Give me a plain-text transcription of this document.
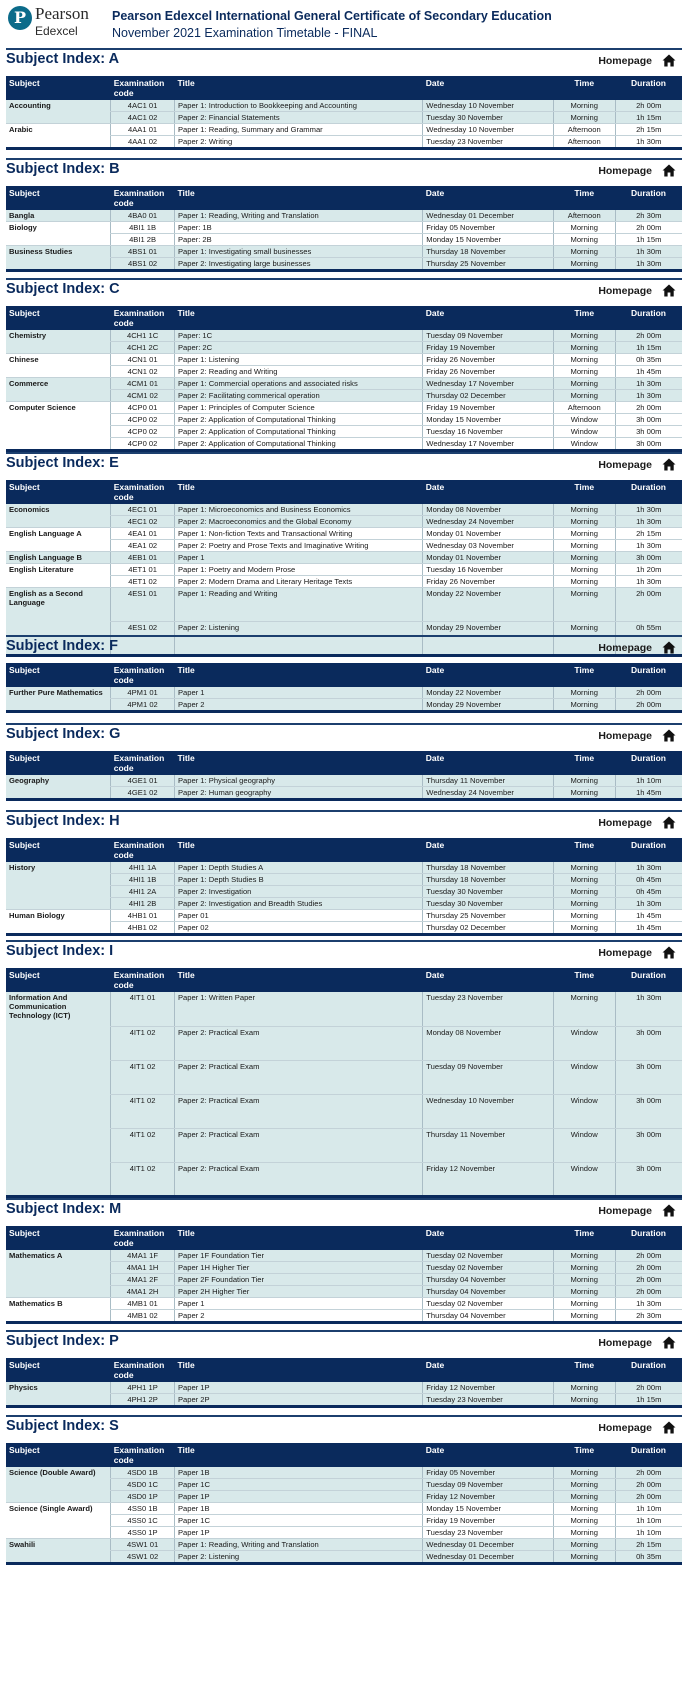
P Pearson
Edexcel
Pearson Edexcel International General Certificate of Secondary Education
November 2021 Examination Timetable - FINAL
Subject Index: A	Homepage
Subject	Examination code	Title	Date	Time	Duration
Accounting	4AC1 01	Paper 1: Introduction to Bookkeeping and Accounting	Wednesday 10 November	Morning	2h 00m
	4AC1 02	Paper 2: Financial Statements	Tuesday 30 November	Morning	1h 15m
Arabic	4AA1 01	Paper 1: Reading, Summary and Grammar	Wednesday 10 November	Afternoon	2h 15m
	4AA1 02	Paper 2: Writing	Tuesday 23 November	Afternoon	1h 30m
Subject Index: B	Homepage
Subject	Examination code	Title	Date	Time	Duration
Bangla	4BA0 01	Paper 1: Reading, Writing and Translation	Wednesday 01 December	Afternoon	2h 30m
Biology	4BI1 1B	Paper: 1B	Friday 05 November	Morning	2h 00m
	4BI1 2B	Paper: 2B	Monday 15 November	Morning	1h 15m
Business Studies	4BS1 01	Paper 1: Investigating small businesses	Thursday 18 November	Morning	1h 30m
	4BS1 02	Paper 2: Investigating large businesses	Thursday 25 November	Morning	1h 30m
Subject Index: C	Homepage
Subject	Examination code	Title	Date	Time	Duration
Chemistry	4CH1 1C	Paper: 1C	Tuesday 09 November	Morning	2h 00m
	4CH1 2C	Paper: 2C	Friday 19 November	Morning	1h 15m
Chinese	4CN1 01	Paper 1: Listening	Friday 26 November	Morning	0h 35m
	4CN1 02	Paper 2: Reading and Writing	Friday 26 November	Morning	1h 45m
Commerce	4CM1 01	Paper 1: Commercial operations and associated risks	Wednesday 17 November	Morning	1h 30m
	4CM1 02	Paper 2: Facilitating commerical operation	Thursday 02 December	Morning	1h 30m
Computer Science	4CP0 01	Paper 1: Principles of Computer Science	Friday 19 November	Afternoon	2h 00m
	4CP0 02	Paper 2: Application of Computational Thinking	Monday 15 November	Window	3h 00m
	4CP0 02	Paper 2: Application of Computational Thinking	Tuesday 16 November	Window	3h 00m
	4CP0 02	Paper 2: Application of Computational Thinking	Wednesday 17 November	Window	3h 00m
Subject Index: E	Homepage
Subject	Examination code	Title	Date	Time	Duration
Economics	4EC1 01	Paper 1: Microeconomics and Business Economics	Monday 08 November	Morning	1h 30m
	4EC1 02	Paper 2: Macroeconomics and the Global Economy	Wednesday 24 November	Morning	1h 30m
English Language A	4EA1 01	Paper 1: Non-fiction Texts and Transactional Writing	Monday 01 November	Morning	2h 15m
	4EA1 02	Paper 2: Poetry and Prose Texts and Imaginative Writing	Wednesday 03 November	Morning	1h 30m
English Language B	4EB1 01	Paper 1	Monday 01 November	Morning	3h 00m
English Literature	4ET1 01	Paper 1: Poetry and Modern Prose	Tuesday 16 November	Morning	1h 20m
	4ET1 02	Paper 2: Modern Drama and Literary Heritage Texts	Friday 26 November	Morning	1h 30m
English as a Second Language	4ES1 01	Paper 1: Reading and Writing	Monday 22 November	Morning	2h 00m
	4ES1 02	Paper 2: Listening	Monday 29 November	Morning	0h 55m
Subject Index: F	Homepage
Subject	Examination code	Title	Date	Time	Duration
Further Pure Mathematics	4PM1 01	Paper 1	Monday 22 November	Morning	2h 00m
	4PM1 02	Paper 2	Monday 29 November	Morning	2h 00m
Subject Index: G	Homepage
Subject	Examination code	Title	Date	Time	Duration
Geography	4GE1 01	Paper 1: Physical geography	Thursday 11 November	Morning	1h 10m
	4GE1 02	Paper 2: Human geography	Wednesday 24 November	Morning	1h 45m
Subject Index: H	Homepage
Subject	Examination code	Title	Date	Time	Duration
History	4HI1 1A	Paper 1: Depth Studies A	Thursday 18 November	Morning	1h 30m
	4HI1 1B	Paper 1: Depth Studies B	Thursday 18 November	Morning	0h 45m
	4HI1 2A	Paper 2: Investigation	Tuesday 30 November	Morning	0h 45m
	4HI1 2B	Paper 2: Investigation and Breadth Studies	Tuesday 30 November	Morning	1h 30m
Human Biology	4HB1 01	Paper 01	Thursday 25 November	Morning	1h 45m
	4HB1 02	Paper 02	Thursday 02 December	Morning	1h 45m
Subject Index: I	Homepage
Subject	Examination code	Title	Date	Time	Duration
Information And Communication Technology (ICT)	4IT1 01	Paper 1: Written Paper	Tuesday 23 November	Morning	1h 30m
	4IT1 02	Paper 2: Practical Exam	Monday 08 November	Window	3h 00m
	4IT1 02	Paper 2: Practical Exam	Tuesday 09 November	Window	3h 00m
	4IT1 02	Paper 2: Practical Exam	Wednesday 10 November	Window	3h 00m
	4IT1 02	Paper 2: Practical Exam	Thursday 11 November	Window	3h 00m
	4IT1 02	Paper 2: Practical Exam	Friday 12 November	Window	3h 00m
Subject Index: M	Homepage
Subject	Examination code	Title	Date	Time	Duration
Mathematics A	4MA1 1F	Paper 1F Foundation Tier	Tuesday 02 November	Morning	2h 00m
	4MA1 1H	Paper 1H Higher Tier	Tuesday 02 November	Morning	2h 00m
	4MA1 2F	Paper 2F Foundation Tier	Thursday 04 November	Morning	2h 00m
	4MA1 2H	Paper 2H Higher Tier	Thursday 04 November	Morning	2h 00m
Mathematics B	4MB1 01	Paper 1	Tuesday 02 November	Morning	1h 30m
	4MB1 02	Paper 2	Thursday 04 November	Morning	2h 30m
Subject Index: P	Homepage
Subject	Examination code	Title	Date	Time	Duration
Physics	4PH1 1P	Paper 1P	Friday 12 November	Morning	2h 00m
	4PH1 2P	Paper 2P	Tuesday 23 November	Morning	1h 15m
Subject Index: S	Homepage
Subject	Examination code	Title	Date	Time	Duration
Science (Double Award)	4SD0 1B	Paper 1B	Friday 05 November	Morning	2h 00m
	4SD0 1C	Paper 1C	Tuesday 09 November	Morning	2h 00m
	4SD0 1P	Paper 1P	Friday 12 November	Morning	2h 00m
Science (Single Award)	4SS0 1B	Paper 1B	Monday 15 November	Morning	1h 10m
	4SS0 1C	Paper 1C	Friday 19 November	Morning	1h 10m
	4SS0 1P	Paper 1P	Tuesday 23 November	Morning	1h 10m
Swahili	4SW1 01	Paper 1: Reading, Writing and Translation	Wednesday 01 December	Morning	2h 15m
	4SW1 02	Paper 2: Listening	Wednesday 01 December	Morning	0h 35m
